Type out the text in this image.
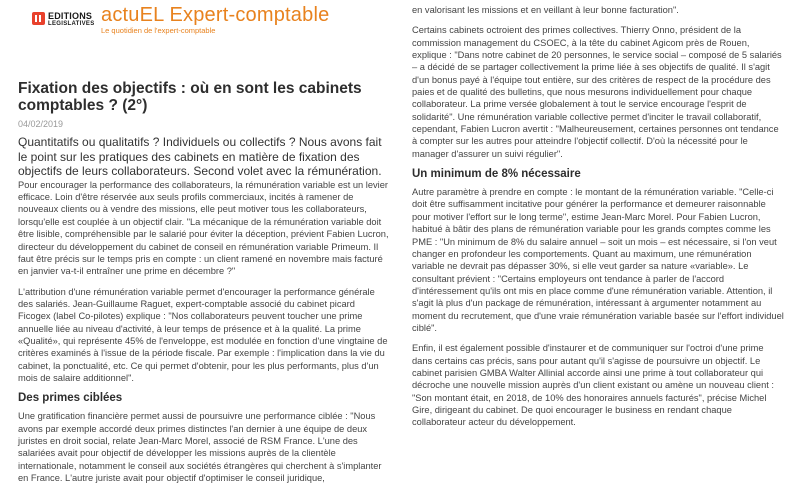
EDITIONS
LEGISLATIVES actuEL Expert-comptable
Le quotidien de l'expert-comptable
Fixation des objectifs : où en sont les cabinets comptables ? (2°)
04/02/2019

Quantitatifs ou qualitatifs ? Individuels ou collectifs ? Nous avons fait le point sur les pratiques des cabinets en matière de fixation des objectifs de leurs collaborateurs. Second volet avec la rémunération.

Pour encourager la performance des collaborateurs, la rémunération variable est un levier efficace. Loin d'être réservée aux seuls profils commerciaux, incités à ramener de nouveaux clients ou à vendre des missions, elle peut motiver tous les collaborateurs, lorsqu'elle est couplée à un objectif clair. "La mécanique de la rémunération variable doit être lisible, compréhensible par le salarié pour éviter la déception, prévient Fabien Lucron, directeur du développement du cabinet de conseil en rémunération variable Primeum. Il faut être précis sur le temps pris en compte : un client ramené en novembre mais facturé en janvier va-t-il entraîner une prime en décembre ?"

L'attribution d'une rémunération variable permet d'encourager la performance générale des salariés. Jean-Guillaume Raguet, expert-comptable associé du cabinet picard Ficogex (label Co-pilotes) explique : "Nos collaborateurs peuvent toucher une prime annuelle liée au niveau d'activité, à leur temps de présence et à la qualité. La prime «Qualité», qui représente 45% de l'enveloppe, est modulée en fonction d'une vingtaine de critères examinés à l'issue de la période fiscale. Par exemple : l'implication dans la vie du cabinet, la ponctualité, etc. Ce qui permet d'obtenir, pour les plus performants, plus d'un mois de salaire additionnel".

Des primes ciblées

Une gratification financière permet aussi de poursuivre une performance ciblée : "Nous avons par exemple accordé deux primes distinctes l'an dernier à une équipe de deux juristes en droit social, relate Jean-Marc Morel, associé de RSM France. L'une des salariées avait pour objectif de développer les missions auprès de la clientèle internationale, notamment le conseil aux sociétés étrangères qui cherchent à s'implanter en France. L'autre juriste avait pour objectif d'optimiser le conseil juridique,

en valorisant les missions et en veillant à leur bonne facturation".

Certains cabinets octroient des primes collectives. Thierry Onno, président de la commission management du CSOEC, à la tête du cabinet Agicom près de Rouen, explique : "Dans notre cabinet de 20 personnes, le service social – composé de 5 salariés – a décidé de se partager collectivement la prime liée à ses objectifs de qualité. Il s'agit d'un bonus payé à l'équipe tout entière, sur des critères de respect de la procédure des paies et de qualité des bulletins, que nous mesurons individuellement pour chaque collaborateur. La prime versée globalement à tout le service encourage l'esprit de solidarité". Une rémunération variable collective permet d'inciter le travail collaboratif, cependant, Fabien Lucron avertit : "Malheureusement, certaines personnes ont tendance à compter sur les autres pour atteindre l'objectif collectif. D'où la nécessité pour le manager d'assurer un suivi régulier".

Un minimum de 8% nécessaire

Autre paramètre à prendre en compte : le montant de la rémunération variable. "Celle-ci doit être suffisamment incitative pour générer la performance et demeurer raisonnable pour motiver l'effort sur le long terme", estime Jean-Marc Morel. Pour Fabien Lucron, habitué à bâtir des plans de rémunération variable pour les grands comptes comme les PME : "Un minimum de 8% du salaire annuel – soit un mois – est nécessaire, si l'on veut changer en profondeur les comportements. Quant au maximum, une rémunération variable ne devrait pas dépasser 30%, si elle veut garder sa nature «variable». Le consultant prévient : "Certains employeurs ont tendance à parler de l'accord d'intéressement qu'ils ont mis en place comme d'une rémunération variable. Attention, il s'agit là plus d'un package de rémunération, intéressant à argumenter notamment au moment du recrutement, que d'une vraie rémunération variable basée sur l'effort individuel ciblé".

Enfin, il est également possible d'instaurer et de communiquer sur l'octroi d'une prime dans certains cas précis, sans pour autant qu'il s'agisse de poursuivre un objectif. Le cabinet parisien GMBA Walter Allinial accorde ainsi une prime à tout collaborateur qui décroche une nouvelle mission auprès d'un client existant ou amène un nouveau client : "Son montant était, en 2018, de 10% des honoraires annuels facturés", précise Michel Gire, dirigeant du cabinet. De quoi encourager le business en rendant chaque collaborateur acteur du développement.
